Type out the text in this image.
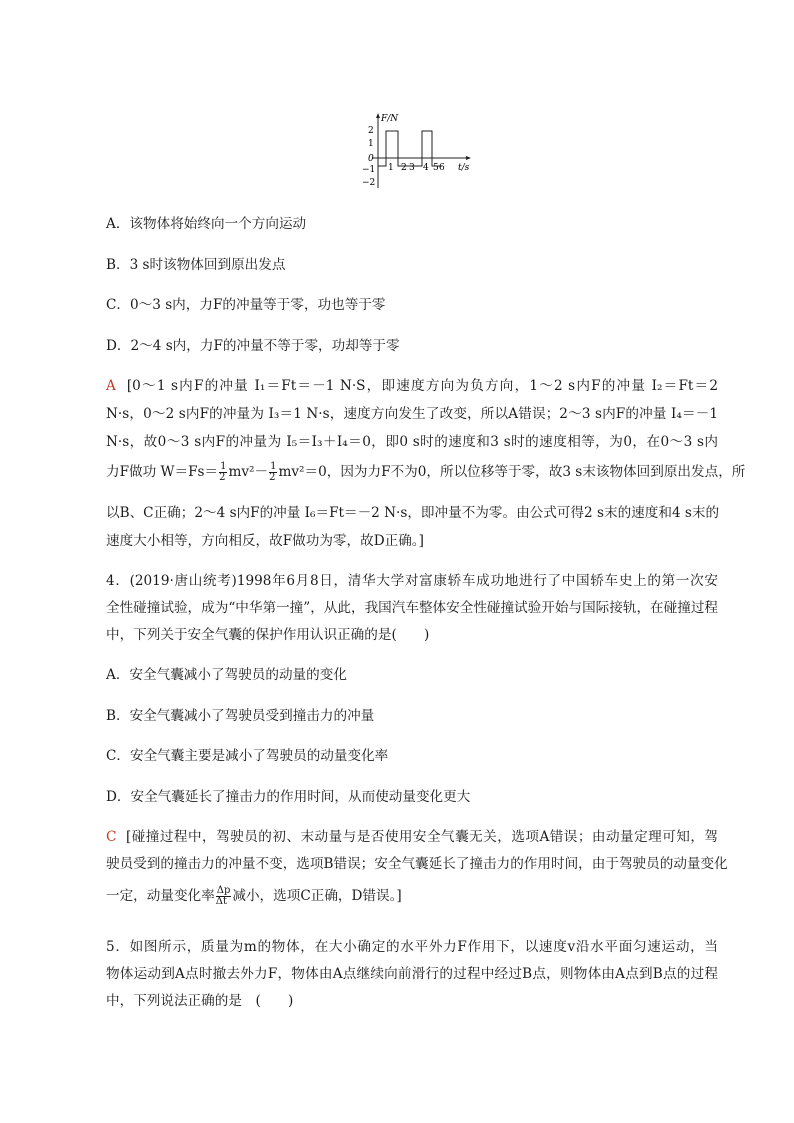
2
1
0
−1
−2
F/N
t/s
1 2 3 4 5 6
A．该物体将始终向一个方向运动
B．3 s时该物体回到原出发点
C．0～3 s内，力F的冲量等于零，功也等于零
D．2～4 s内，力F的冲量不等于零，功却等于零
A [0～1 s内F的冲量 I₁＝Ft＝－1 N·S，即速度方向为负方向，1～2 s内F的冲量 I₂＝Ft＝2
N·s，0～2 s内F的冲量为 I₃＝1 N·s，速度方向发生了改变，所以A错误；2～3 s内F的冲量 I₄＝－1
N·s，故0～3 s内F的冲量为 I₅＝I₃＋I₄＝0，即0 s时的速度和3 s时的速度相等，为0，在0～3 s内
力F做功 $W=Fs= \frac{1}{2} mv^2- \frac{1}{2} mv^2=0$，因为力F不为0，所以位移等于零，故3 s末该物体回到原出发点，所
以B、C正确；2～4 s内F的冲量 I₆＝Ft＝－2 N·s，即冲量不为零。由公式可得2 s末的速度和4 s末的
速度大小相等，方向相反，故F做功为零，故D正确。]
4．(2019·唐山统考)1998年6月8日，清华大学对富康轿车成功地进行了中国轿车史上的第一次安
全性碰撞试验，成为“中华第一撞”，从此，我国汽车整体安全性碰撞试验开始与国际接轨，在碰撞过程
中，下列关于安全气囊的保护作用认识正确的是(　　)
A．安全气囊减小了驾驶员的动量的变化
B．安全气囊减小了驾驶员受到撞击力的冲量
C．安全气囊主要是减小了驾驶员的动量变化率
D．安全气囊延长了撞击力的作用时间，从而使动量变化更大
C [碰撞过程中，驾驶员的初、末动量与是否使用安全气囊无关，选项A错误；由动量定理可知，驾
驶员受到的撞击力的冲量不变，选项B错误；安全气囊延长了撞击力的作用时间，由于驾驶员的动量变化
一定，动量变化率 $\frac{\Delta p}{\Delta t}$ 减小，选项C正确，D错误。]
5．如图所示，质量为m的物体，在大小确定的水平外力F作用下，以速度v沿水平面匀速运动，当
物体运动到A点时撤去外力F，物体由A点继续向前滑行的过程中经过B点，则物体由A点到B点的过程
中，下列说法正确的是　(　　)
